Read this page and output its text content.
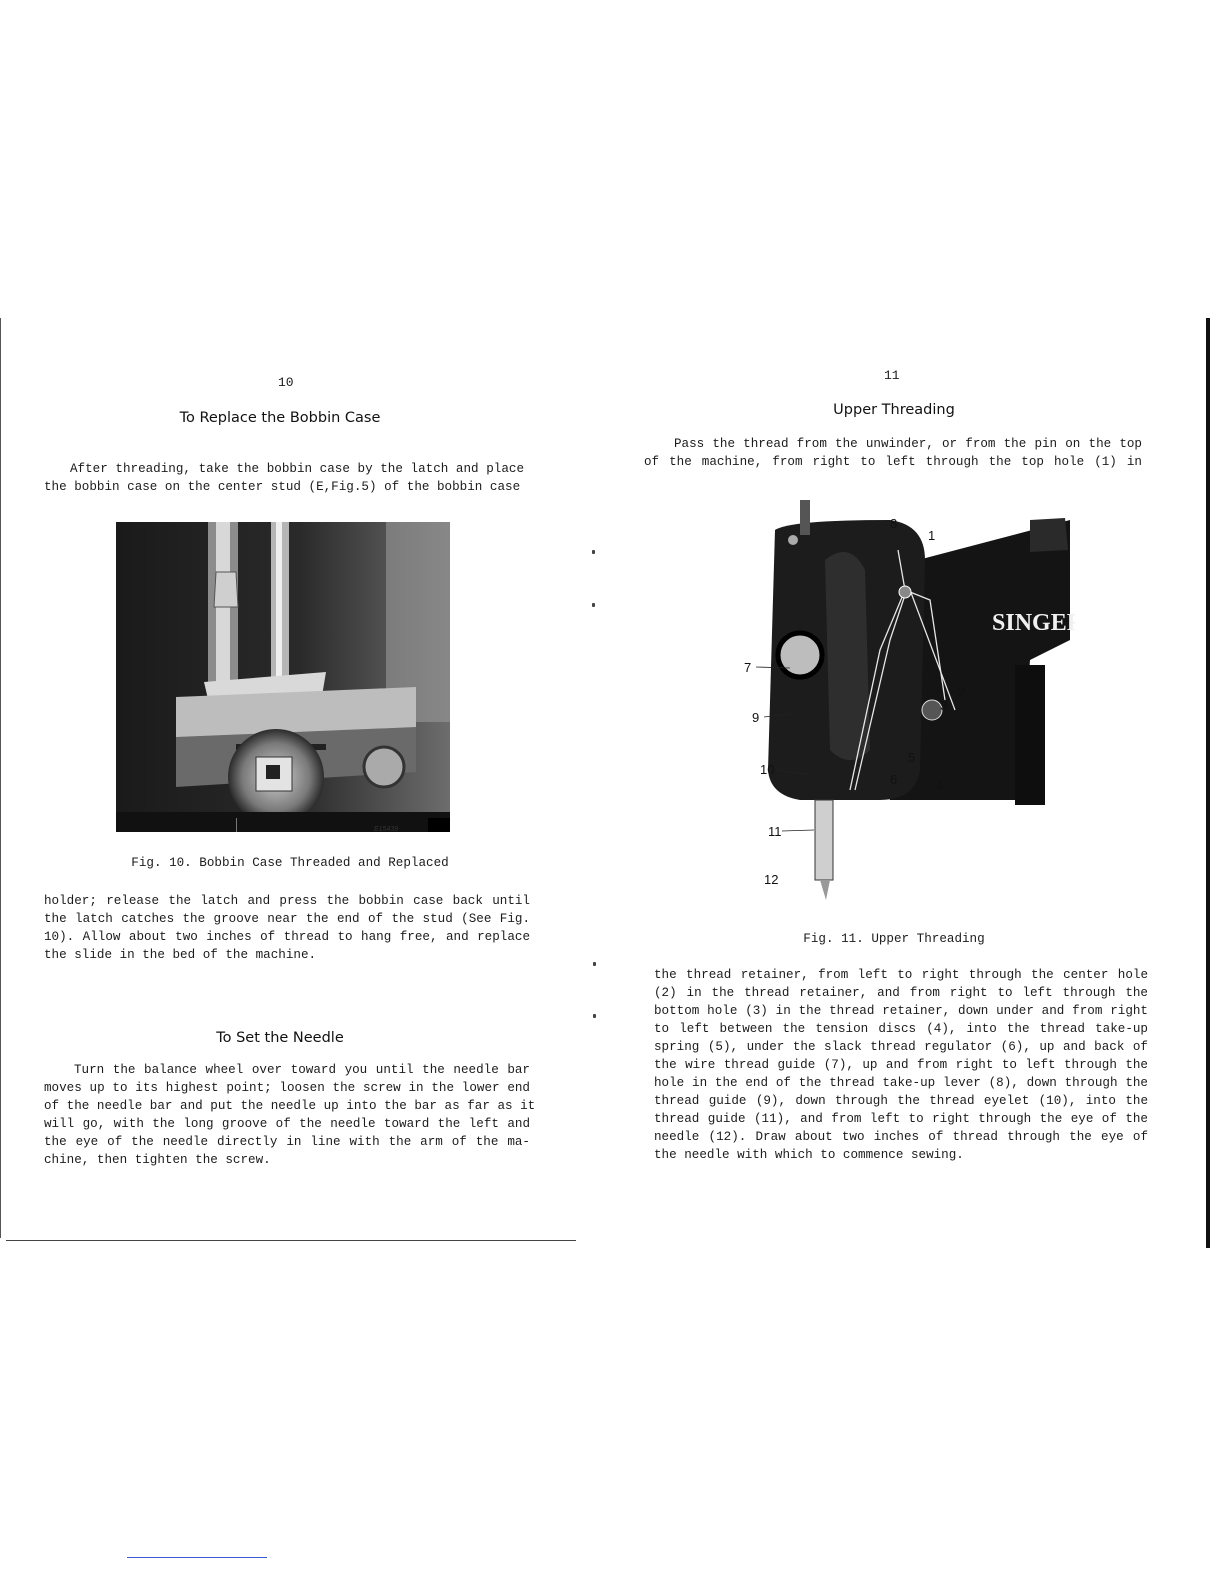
10
To Replace the Bobbin Case
After threading, take the bobbin case by the latch and place
the bobbin case on the center stud (E,Fig.5) of the bobbin case
E15439
Fig. 10. Bobbin Case Threaded and Replaced
holder; release the latch and press the bobbin case back until
the latch catches the groove near the end of the stud (See Fig.
10). Allow about two inches of thread to hang free, and replace
the slide in the bed of the machine.
To Set the Needle
Turn the balance wheel over toward you until the needle bar
moves up to its highest point; loosen the screw in the lower end
of the needle bar and put the needle up into the bar as far as it
will go, with the long groove of the needle toward the left and
the eye of the needle directly in line with the arm of the ma-
chine, then tighten the screw.
11
Upper Threading
Pass the thread from the unwinder, or from the pin on the top
of the machine, from right to left through the top hole (1) in
SINGER
8
1
7
2
3
9
5
10
6	4
11
12
Fig. 11. Upper Threading
the thread retainer, from left to right through the center hole
(2) in the thread retainer, and from right to left through the
bottom hole (3) in the thread retainer, down under and from right
to left between the tension discs (4), into the thread take-up
spring (5), under the slack thread regulator (6), up and back of
the wire thread guide (7), up and from right to left through the
hole in the end of the thread take-up lever (8), down through the
thread guide (9), down through the thread eyelet (10), into the
thread guide (11), and from left to right through the eye of the
needle (12). Draw about two inches of thread through the eye of
the needle with which to commence sewing.
